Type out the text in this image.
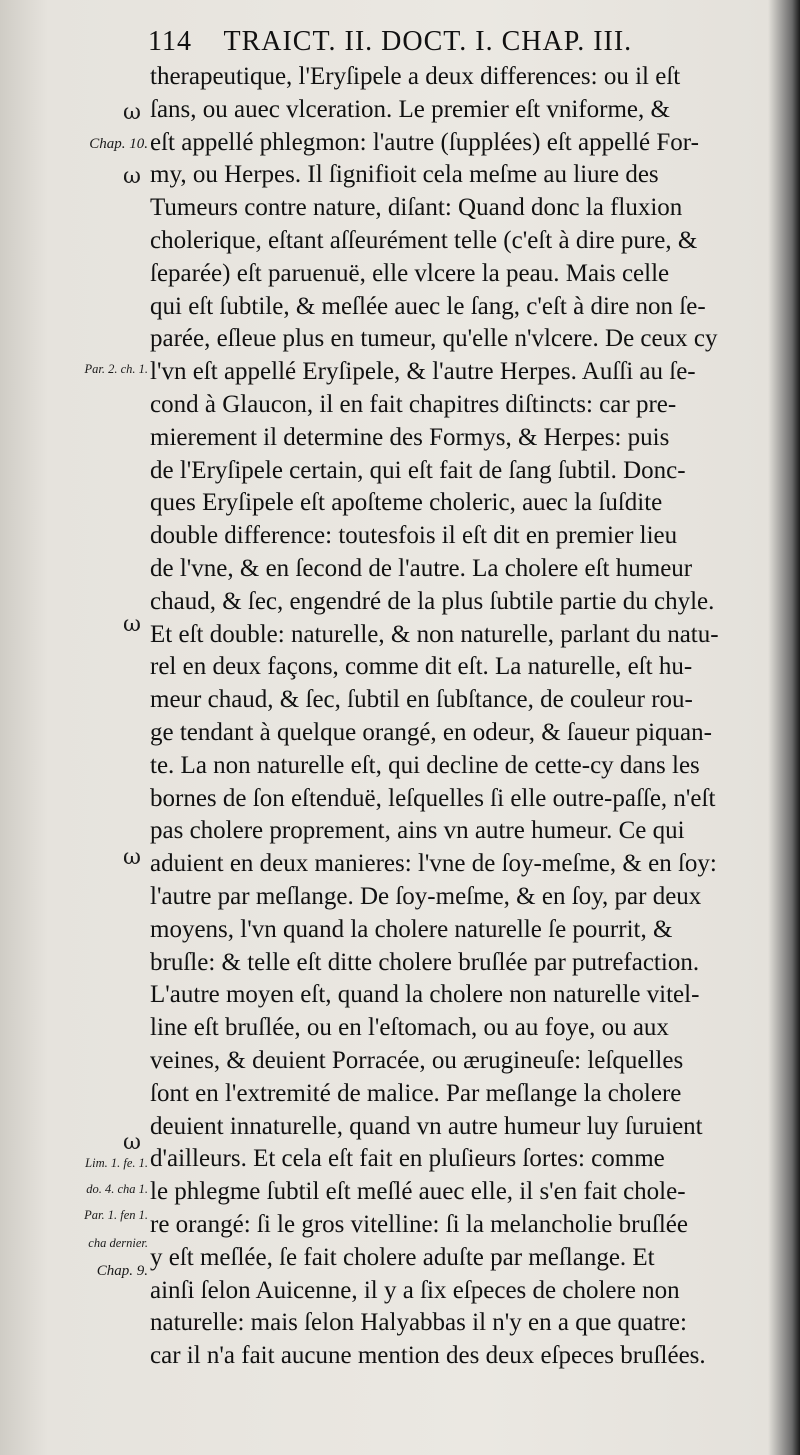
114 TRAICT. II. DOCT. I. CHAP. III.
therapeutique, l'Eryſipele a deux differences: ou il eſt
ſans, ou auec vlceration. Le premier eſt vniforme, &
eſt appellé phlegmon: l'autre (ſupplées) eſt appellé For-
my, ou Herpes. Il ſignifioit cela meſme au liure des
Tumeurs contre nature, diſant: Quand donc la fluxion
cholerique, eſtant aſſeurément telle (c'eſt à dire pure, &
ſeparée) eſt paruenuë, elle vlcere la peau. Mais celle
qui eſt ſubtile, & meſlée auec le ſang, c'eſt à dire non ſe-
parée, eſleue plus en tumeur, qu'elle n'vlcere. De ceux cy
l'vn eſt appellé Eryſipele, & l'autre Herpes. Auſſi au ſe-
cond à Glaucon, il en fait chapitres diſtincts: car pre-
mierement il determine des Formys, & Herpes: puis
de l'Eryſipele certain, qui eſt fait de ſang ſubtil. Donc-
ques Eryſipele eſt apoſteme choleric, auec la ſuſdite
double difference: toutesfois il eſt dit en premier lieu
de l'vne, & en ſecond de l'autre. La cholere eſt humeur
chaud, & ſec, engendré de la plus ſubtile partie du chyle.
Et eſt double: naturelle, & non naturelle, parlant du natu-
rel en deux façons, comme dit eſt. La naturelle, eſt hu-
meur chaud, & ſec, ſubtil en ſubſtance, de couleur rou-
ge tendant à quelque orangé, en odeur, & ſaueur piquan-
te. La non naturelle eſt, qui decline de cette-cy dans les
bornes de ſon eſtenduë, leſquelles ſi elle outre-paſſe, n'eſt
pas cholere proprement, ains vn autre humeur. Ce qui
aduient en deux manieres: l'vne de ſoy-meſme, & en ſoy:
l'autre par meſlange. De ſoy-meſme, & en ſoy, par deux
moyens, l'vn quand la cholere naturelle ſe pourrit, &
bruſle: & telle eſt ditte cholere bruſlée par putrefaction.
L'autre moyen eſt, quand la cholere non naturelle vitel-
line eſt bruſlée, ou en l'eſtomach, ou au foye, ou aux
veines, & deuient Porracée, ou ærugineuſe: leſquelles
ſont en l'extremité de malice. Par meſlange la cholere
deuient innaturelle, quand vn autre humeur luy ſuruient
d'ailleurs. Et cela eſt fait en pluſieurs ſortes: comme
le phlegme ſubtil eſt meſlé auec elle, il s'en fait chole-
re orangé: ſi le gros vitelline: ſi la melancholie bruſlée
y eſt meſlée, ſe fait cholere aduſte par meſlange. Et
ainſi ſelon Auicenne, il y a ſix eſpeces de cholere non
naturelle: mais ſelon Halyabbas il n'y en a que quatre:
car il n'a fait aucune mention des deux eſpeces bruſlées.
Chap. 10.
Par. 2. ch. 1.
Lim. 1. fe. 1.
do. 4. cha 1.
Par. 1. fen 1.
cha dernier.
Chap. 9.
ω
ω
ω
ω
ω
